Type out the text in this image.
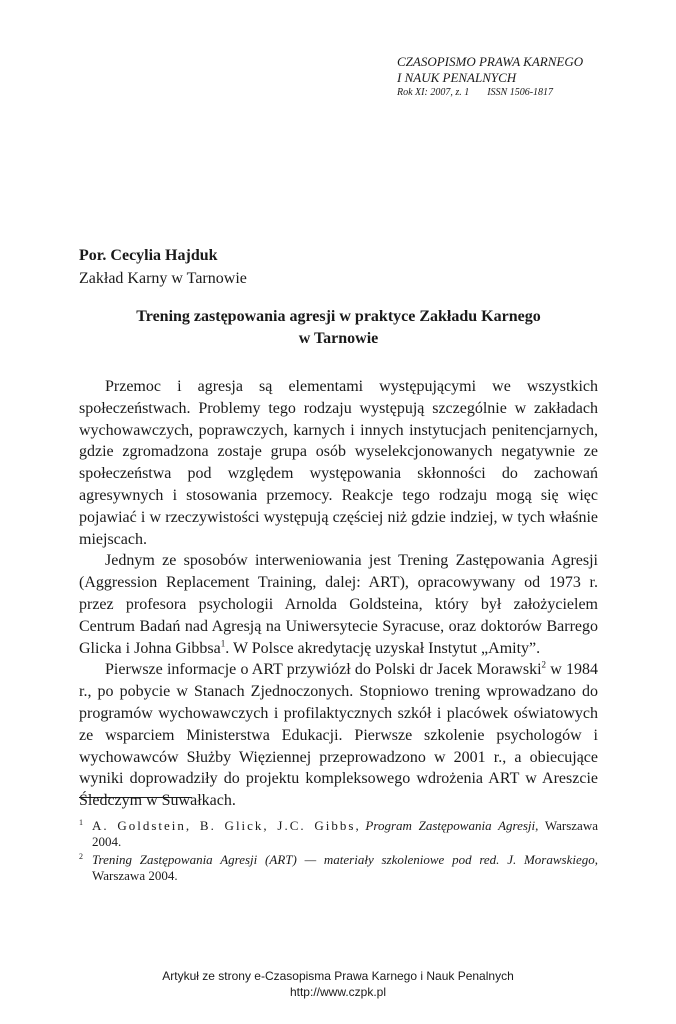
CZASOPISMO PRAWA KARNEGO
I NAUK PENALNYCH
Rok XI: 2007, z. 1 ISSN 1506-1817
Por. Cecylia Hajduk
Zakład Karny w Tarnowie
Trening zastępowania agresji w praktyce Zakładu Karnego
w Tarnowie

Przemoc i agresja są elementami występującymi we wszystkich społeczeństwach. Problemy tego rodzaju występują szczególnie w zakładach wychowawczych, poprawczych, karnych i innych instytucjach penitencjarnych, gdzie zgromadzona zostaje grupa osób wyselekcjonowanych negatywnie ze społeczeństwa pod względem występowania skłonności do zachowań agresywnych i stosowania przemocy. Reakcje tego rodzaju mogą się więc pojawiać i w rzeczywistości występują częściej niż gdzie indziej, w tych właśnie miejscach.

Jednym ze sposobów interweniowania jest Trening Zastępowania Agresji (Aggression Replacement Training, dalej: ART), opracowywany od 1973 r. przez profesora psychologii Arnolda Goldsteina, który był założycielem Centrum Badań nad Agresją na Uniwersytecie Syracuse, oraz doktorów Barrego Glicka i Johna Gibbsa$^1$. W Polsce akredytację uzyskał Instytut „Amity”.

Pierwsze informacje o ART przywiózł do Polski dr Jacek Morawski$^2$ w 1984 r., po pobycie w Stanach Zjednoczonych. Stopniowo trening wprowadzano do programów wychowawczych i profilaktycznych szkół i placówek oświatowych ze wsparciem Ministerstwa Edukacji. Pierwsze szkolenie psychologów i wychowawców Służby Więziennej przeprowadzono w 2001 r., a obiecujące wyniki doprowadziły do projektu kompleksowego wdrożenia ART w Areszcie Śledczym w Suwałkach.

1 A. Goldstein, B. Glick, J.C. Gibbs, Program Zastępowania Agresji, Warszawa 2004.
2 Trening Zastępowania Agresji (ART) — materiały szkoleniowe pod red. J. Morawskiego, Warszawa 2004.
Artykuł ze strony e-Czasopisma Prawa Karnego i Nauk Penalnych
http://www.czpk.pl
